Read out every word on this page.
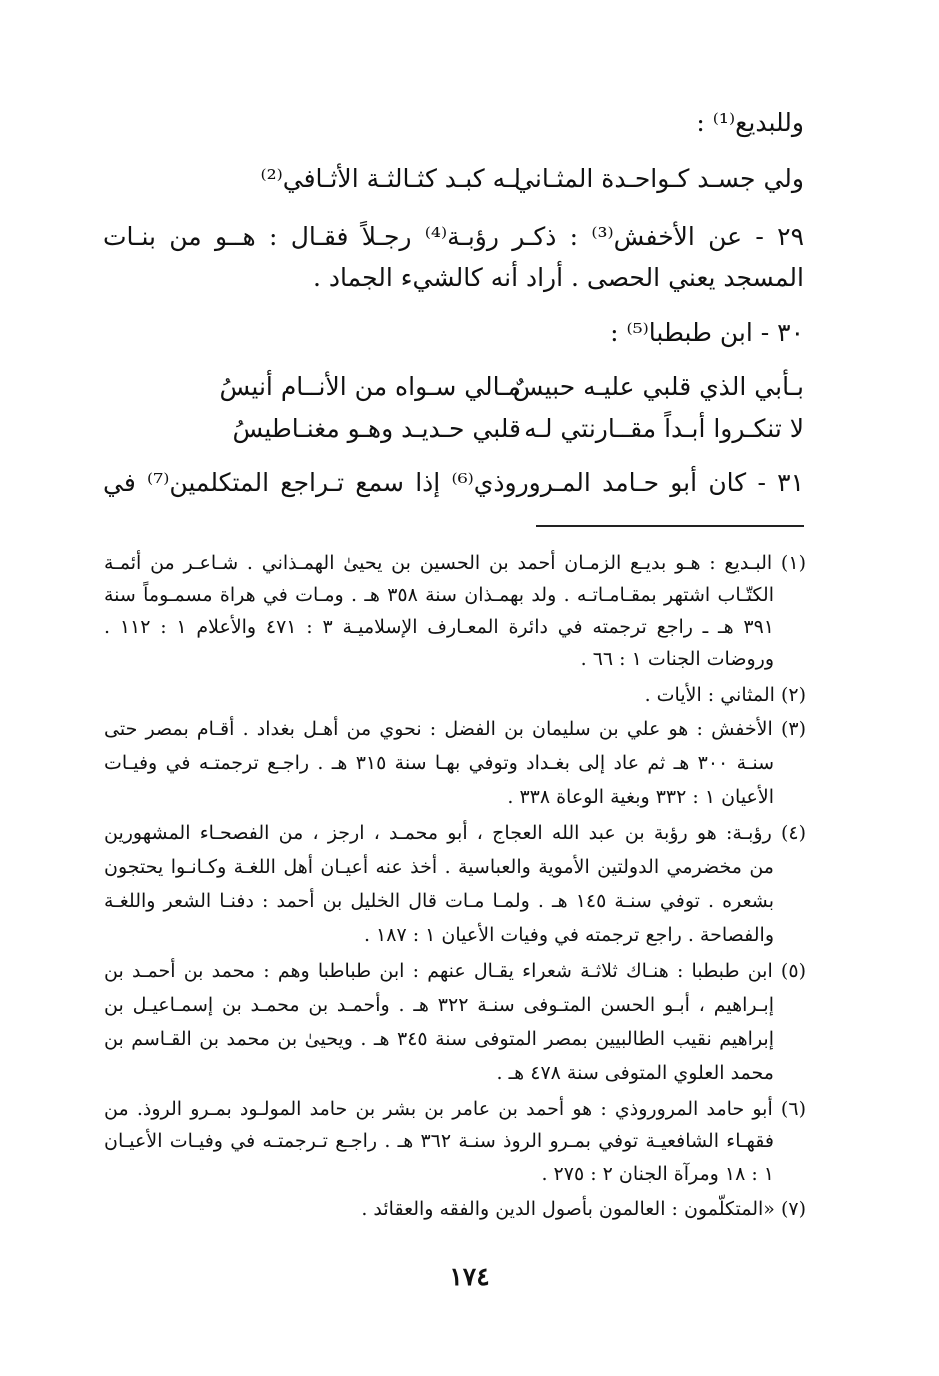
وللبديع⁽¹⁾ :
ولي جسـد كـواحـدة المثـاني
لـه كبـد كثـالثـة الأثـافي⁽²⁾
٢٩ - عن الأخفش⁽³⁾ : ذكـر رؤبـة⁽⁴⁾ رجـلاً فقـال : هــو من بنـات
المسجد يعني الحصى . أراد أنه كالشيء الجماد .
٣٠ - ابن طبطبا⁽⁵⁾ :
بـأبي الذي قلبي عليـه حبيسٌ
مـالي سـواه من الأنــام أنيسُ
لا تنكـروا أبـداً مقــارنتي لـه
قلبي حـديـد وهـو مغنـاطيسُ
٣١ - كان أبو حـامد المـروروذي⁽⁶⁾ إذا سمع تـراجع المتكلمين⁽⁷⁾ في
(١) البـديع : هـو بديـع الزمـان أحمد بن الحسين بن يحيىٰ الهمـذاني . شـاعـر من أئمـة
الكتّـاب اشتهر بمقـامـاتـه . ولد بهمـذان سنة ٣٥٨ هـ . ومـات في هراة مسمـوماً سنة
٣٩١ هـ ـ راجع ترجمته في دائرة المعـارف الإسلاميـة ٣ : ٤٧١ والأعلام ١ : ١١٢ .
وروضات الجنات ١ : ٦٦ .
(٢) المثاني : الأيات .
(٣) الأخفش : هو علي بن سليمان بن الفضل : نحوي من أهـل بغداد . أقـام بمصر حتى
سنـة ٣٠٠ هـ ثم عاد إلى بغـداد وتوفي بهـا سنة ٣١٥ هـ . راجـع ترجمتـه في وفيـات
الأعيان ١ : ٣٣٢ وبغية الوعاة ٣٣٨ .
(٤) رؤبـة: هو رؤبة بن عبد الله العجاج ، أبو محمـد ، ارجز ، من الفصحـاء المشهورين
من مخضرمي الدولتين الأموية والعباسية . أخذ عنه أعيـان أهل اللغـة وكـانـوا يحتجون
بشعره . توفي سنـة ١٤٥ هـ . ولمـا مـات قال الخليل بن أحمد : دفنـا الشعر واللغـة
والفصاحة . راجع ترجمته في وفيات الأعيان ١ : ١٨٧ .
(٥) ابن طبطبا : هنـاك ثلاثـة شعراء يقـال عنهم : ابن طباطبا وهم : محمد بن أحمـد بن
إبـراهيم ، أبـو الحسن المتـوفى سنـة ٣٢٢ هـ . وأحمـد بن محمـد بن إسمـاعيـل بن
إبراهيم نقيب الطالبيين بمصر المتوفى سنة ٣٤٥ هـ . ويحيىٰ بن محمد بن القـاسم بن
محمد العلوي المتوفى سنة ٤٧٨ هـ .
(٦) أبو حامد المروروذي : هو أحمد بن عامر بن بشر بن حامد المولـود بمـرو الروذ. من
فقهـاء الشافعيـة توفي بمـرو الروذ سنـة ٣٦٢ هـ . راجـع تـرجمتـه في وفيـات الأعيـان
١ : ١٨ ومرآة الجنان ٢ : ٢٧٥ .
(٧) «المتكلّمون : العالمون بأصول الدين والفقه والعقائد .
١٧٤
